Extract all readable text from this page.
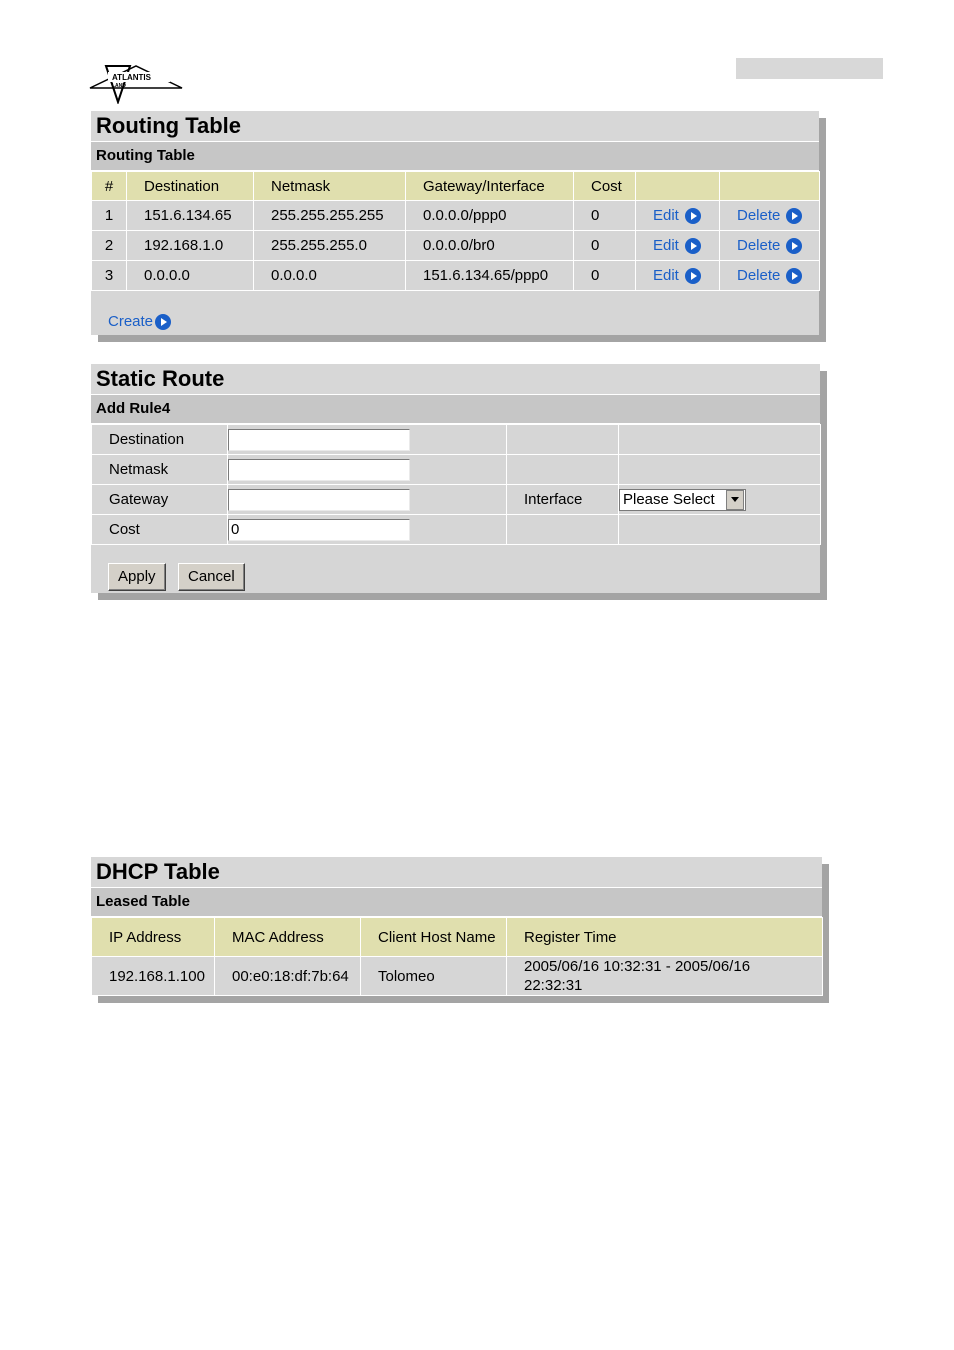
ATLANTIS
LAND
Routing Table
Routing Table
#	Destination	Netmask	Gateway/Interface	Cost		
1	151.6.134.65	255.255.255.255	0.0.0.0/ppp0	0	Edit	Delete

2	192.168.1.0	255.255.255.0	0.0.0.0/br0	0	Edit	Delete

3	0.0.0.0	0.0.0.0	151.6.134.65/ppp0	0	Edit	Delete
Create
Static Route
Add Rule4
Destination	

Netmask	

Gateway		Interface	Please Select

Cost	
0		
Apply	Cancel
DHCP Table
Leased Table
IP Address	MAC Address	Client Host Name	Register Time
192.168.1.100	00:e0:18:df:7b:64	Tolomeo	2005/06/16 10:32:31 - 2005/06/16 22:32:31
